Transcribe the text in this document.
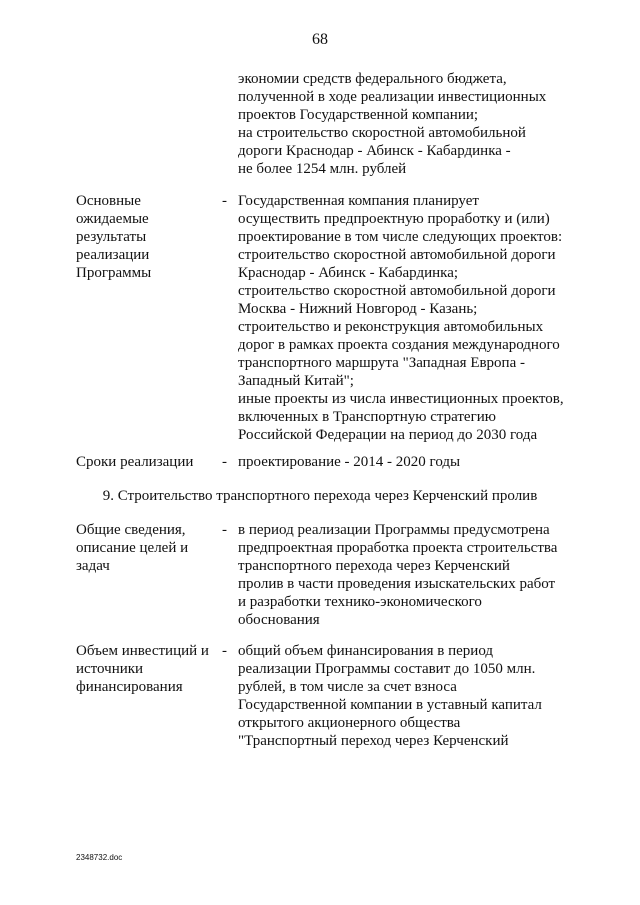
68
экономии средств федерального бюджета,
полученной в ходе реализации инвестиционных
проектов Государственной компании;
на строительство скоростной автомобильной
дороги Краснодар - Абинск - Кабардинка -
не более 1254 млн. рублей
Основные
ожидаемые
результаты
реализации
Программы
- Государственная компания планирует
осуществить предпроектную проработку и (или)
проектирование в том числе следующих проектов:
строительство скоростной автомобильной дороги
Краснодар - Абинск - Кабардинка;
строительство скоростной автомобильной дороги
Москва - Нижний Новгород - Казань;
строительство и реконструкция автомобильных
дорог в рамках проекта создания международного
транспортного маршрута "Западная Европа -
Западный Китай";
иные проекты из числа инвестиционных проектов,
включенных в Транспортную стратегию
Российской Федерации на период до 2030 года
Сроки реализации	- проектирование - 2014 - 2020 годы
9. Строительство транспортного перехода через Керченский пролив
Общие сведения,
описание целей и
задач
- в период реализации Программы предусмотрена
предпроектная проработка проекта строительства
транспортного перехода через Керченский
пролив в части проведения изыскательских работ
и разработки технико-экономического
обоснования
Объем инвестиций и
источники
финансирования
- общий объем финансирования в период
реализации Программы составит до 1050 млн.
рублей, в том числе за счет взноса
Государственной компании в уставный капитал
открытого акционерного общества
"Транспортный переход через Керченский
2348732.doc
